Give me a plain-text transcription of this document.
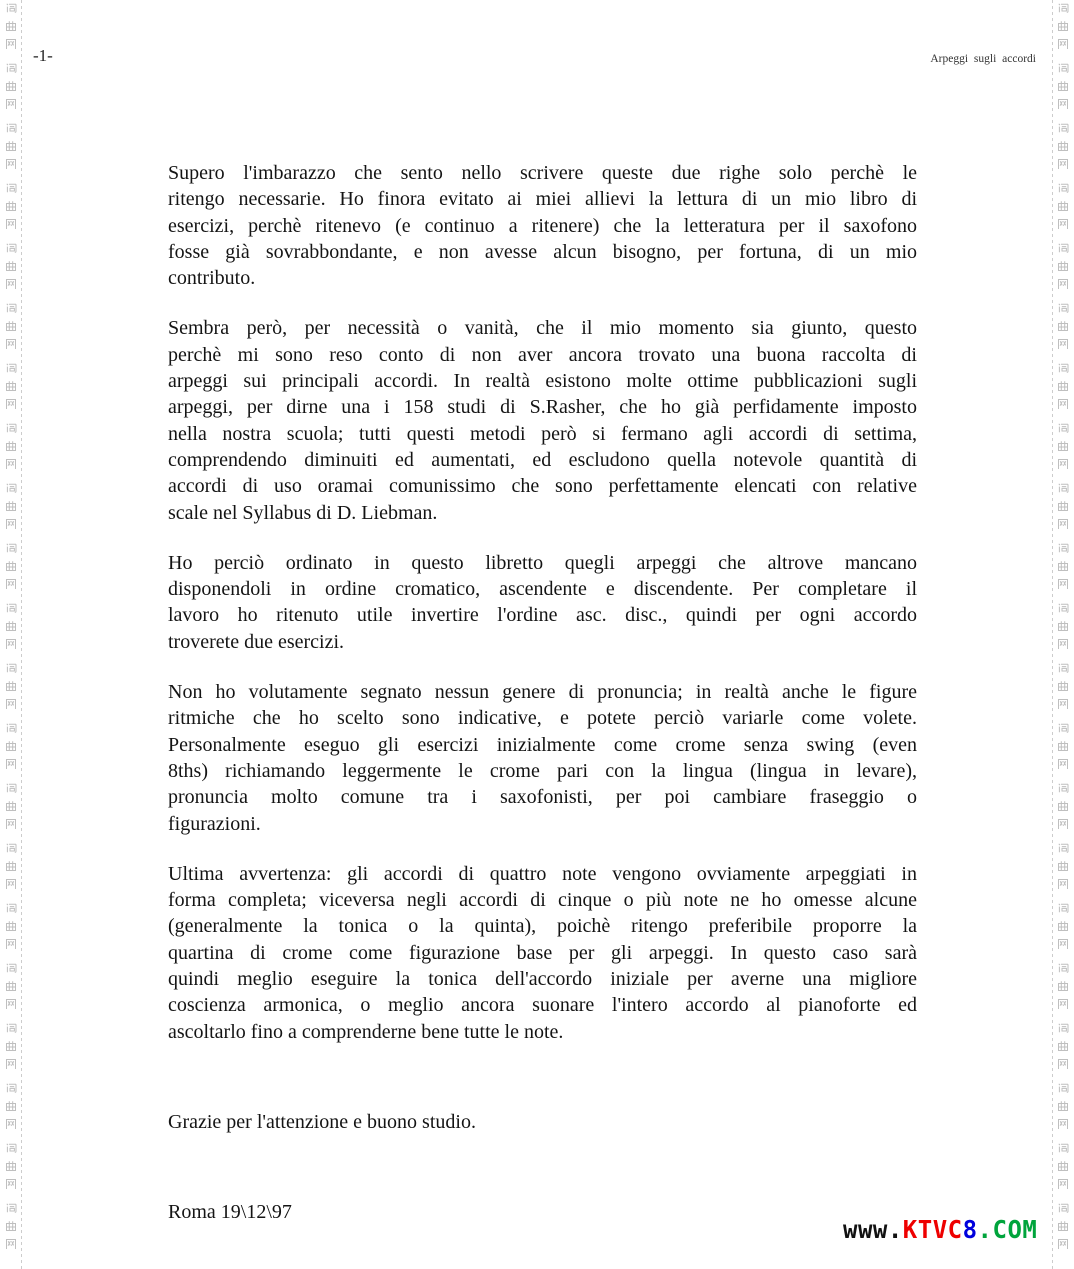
-1-	Arpeggi sugli accordi
Supero l'imbarazzo che sento nello scrivere queste due righe solo perchè le
ritengo necessarie. Ho finora evitato ai miei allievi la lettura di un mio libro di
esercizi, perchè ritenevo (e continuo a ritenere) che la letteratura per il saxofono
fosse già sovrabbondante, e non avesse alcun bisogno, per fortuna, di un mio
contributo.
Sembra però, per necessità o vanità, che il mio momento sia giunto, questo
perchè mi sono reso conto di non aver ancora trovato una buona raccolta di
arpeggi sui principali accordi. In realtà esistono molte ottime pubblicazioni sugli
arpeggi, per dirne una i 158 studi di S.Rasher, che ho già perfidamente imposto
nella nostra scuola; tutti questi metodi però si fermano agli accordi di settima,
comprendendo diminuiti ed aumentati, ed escludono quella notevole quantità di
accordi di uso oramai comunissimo che sono perfettamente elencati con relative
scale nel Syllabus di D. Liebman.
Ho perciò ordinato in questo libretto quegli arpeggi che altrove mancano
disponendoli in ordine cromatico, ascendente e discendente. Per completare il
lavoro ho ritenuto utile invertire l'ordine asc. disc., quindi per ogni accordo
troverete due esercizi.
Non ho volutamente segnato nessun genere di pronuncia; in realtà anche le figure
ritmiche che ho scelto sono indicative, e potete perciò variarle come volete.
Personalmente eseguo gli esercizi inizialmente come crome senza swing (even
8ths) richiamando leggermente le crome pari con la lingua (lingua in levare),
pronuncia molto comune tra i saxofonisti, per poi cambiare fraseggio o
figurazioni.
Ultima avvertenza: gli accordi di quattro note vengono ovviamente arpeggiati in
forma completa; viceversa negli accordi di cinque o più note ne ho omesse alcune
(generalmente la tonica o la quinta), poichè ritengo preferibile proporre la
quartina di crome come figurazione base per gli arpeggi. In questo caso sarà
quindi meglio eseguire la tonica dell'accordo iniziale per averne una migliore
coscienza armonica, o meglio ancora suonare l'intero accordo al pianoforte ed
ascoltarlo fino a comprenderne bene tutte le note.
Grazie per l'attenzione e buono studio.
Roma 19\12\97
www.KTVC8.COM
